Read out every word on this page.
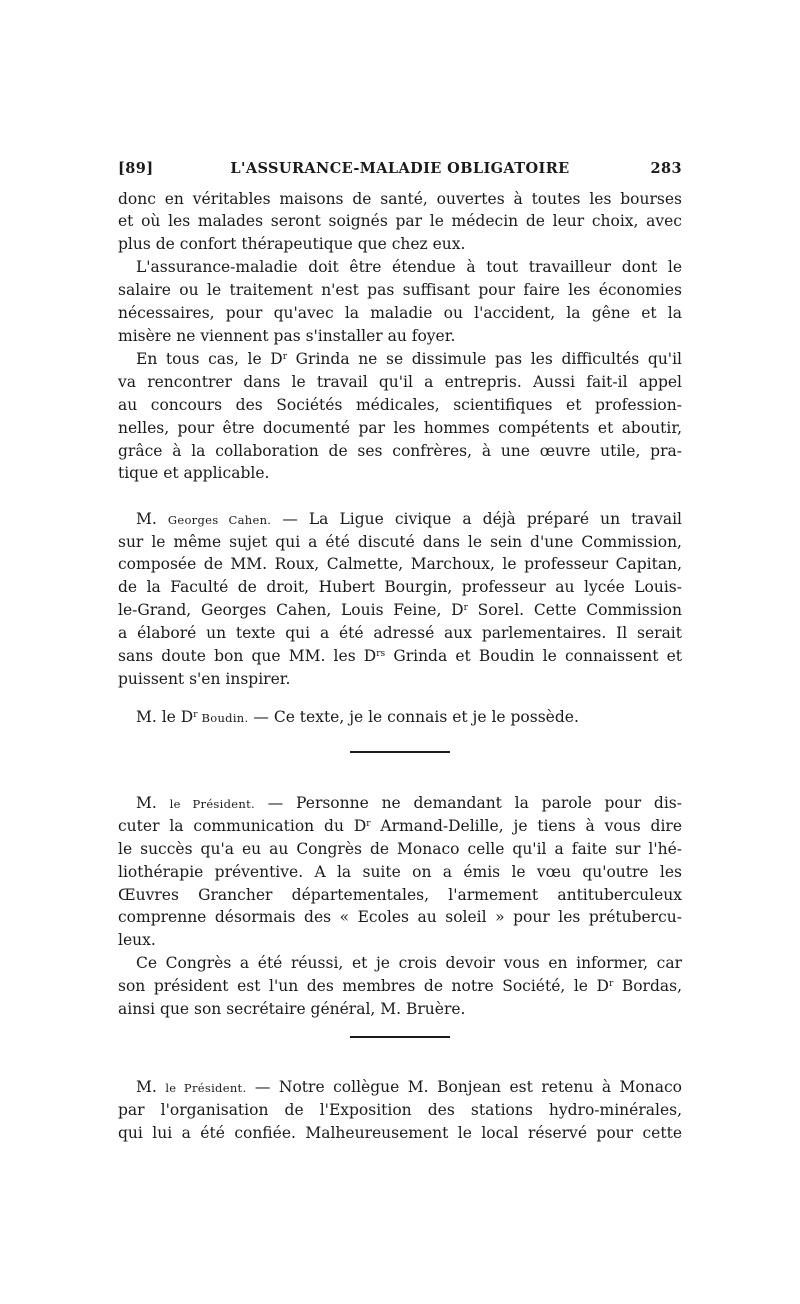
[89]	L'ASSURANCE-MALADIE OBLIGATOIRE	283
donc en véritables maisons de santé, ouvertes à toutes les bourses
et où les malades seront soignés par le médecin de leur choix, avec
plus de confort thérapeutique que chez eux.
L'assurance-maladie doit être étendue à tout travailleur dont le
salaire ou le traitement n'est pas suffisant pour faire les économies
nécessaires, pour qu'avec la maladie ou l'accident, la gêne et la
misère ne viennent pas s'installer au foyer.
En tous cas, le $D^r$ Grinda ne se dissimule pas les difficultés qu'il
va rencontrer dans le travail qu'il a entrepris. Aussi fait-il appel
au concours des Sociétés médicales, scientifiques et profession-
nelles, pour être documenté par les hommes compétents et aboutir,
grâce à la collaboration de ses confrères, à une œuvre utile, pra-
tique et applicable.
M. Georges Cahen. — La Ligue civique a déjà préparé un travail
sur le même sujet qui a été discuté dans le sein d'une Commission,
composée de MM. Roux, Calmette, Marchoux, le professeur Capitan,
de la Faculté de droit, Hubert Bourgin, professeur au lycée Louis-
le-Grand, Georges Cahen, Louis Feine, $D^r$ Sorel. Cette Commission
a élaboré un texte qui a été adressé aux parlementaires. Il serait
sans doute bon que MM. les $D^{rs}$ Grinda et Boudin le connaissent et
puissent s'en inspirer.
M. le $D^r$ Boudin. — Ce texte, je le connais et je le possède.
M. le Président. — Personne ne demandant la parole pour dis-
cuter la communication du $D^r$ Armand-Delille, je tiens à vous dire
le succès qu'a eu au Congrès de Monaco celle qu'il a faite sur l'hé-
liothérapie préventive. A la suite on a émis le vœu qu'outre les
Œuvres Grancher départementales, l'armement antituberculeux
comprenne désormais des « Ecoles au soleil » pour les prétubercu-
leux.
Ce Congrès a été réussi, et je crois devoir vous en informer, car
son président est l'un des membres de notre Société, le $D^r$ Bordas,
ainsi que son secrétaire général, M. Bruère.
M. le Président. — Notre collègue M. Bonjean est retenu à Monaco
par l'organisation de l'Exposition des stations hydro-minérales,
qui lui a été confiée. Malheureusement le local réservé pour cette
